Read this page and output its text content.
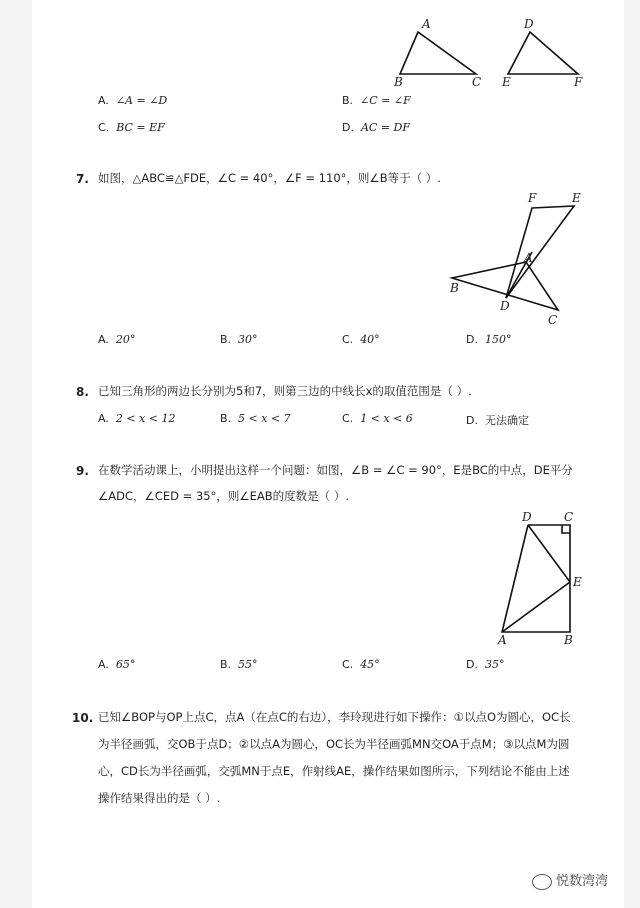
A
B	C
D
E	F
A. ∠A = ∠D	B. ∠C = ∠F
C. BC = EF	D. AC = DF
7. 如图，△ABC≌△FDE，∠C = 40°，∠F = 110°，则∠B等于（ ）.
F	E
A
B
D
C
A. 20°	B. 30°	C. 40°	D. 150°
8. 已知三角形的两边长分别为5和7，则第三边的中线长x的取值范围是（ ）.
A. 2 < x < 12	B. 5 < x < 7	C. 1 < x < 6	D. 无法确定
9. 在数学活动课上，小明提出这样一个问题：如图，∠B = ∠C = 90°，E是BC的中点，DE平分
∠ADC，∠CED = 35°，则∠EAB的度数是（ ）.
D	C
E
A	B
A. 65°	B. 55°	C. 45°	D. 35°
10. 已知∠BOP与OP上点C，点A（在点C的右边），李玲现进行如下操作：①以点O为圆心，OC长
为半径画弧，交OB于点D；②以点A为圆心，OC长为半径画弧MN交OA于点M；③以点M为圆
心，CD长为半径画弧，交弧MN于点E，作射线AE，操作结果如图所示，下列结论不能由上述
操作结果得出的是（ ）.
悦数湾湾
